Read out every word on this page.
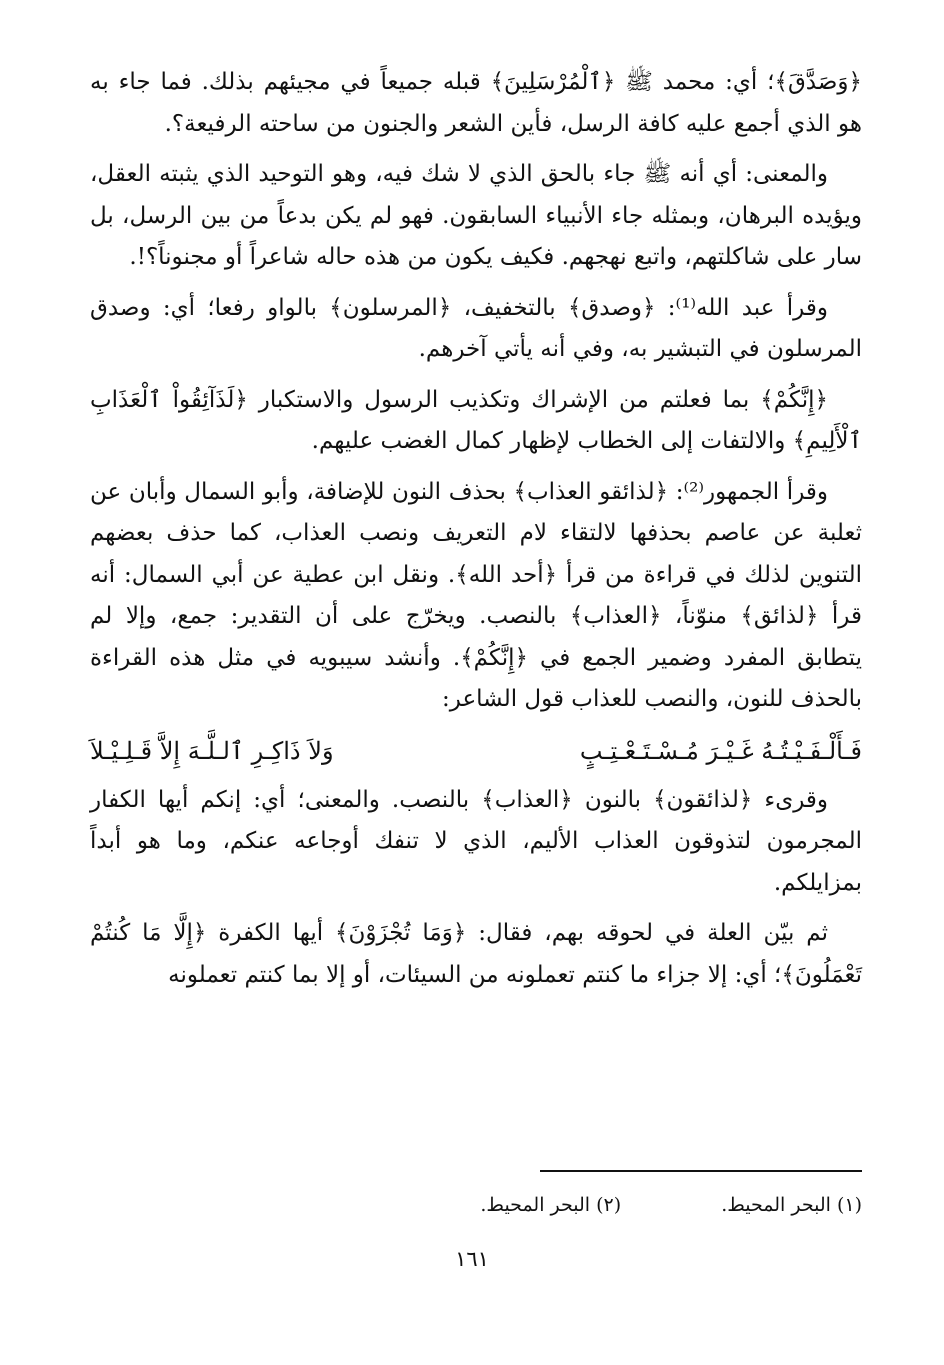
﴿وَصَدَّقَ﴾؛ أي: محمد ﷺ ﴿ٱلْمُرْسَلِينَ﴾ قبله جميعاً في مجيئهم بذلك. فما جاء به هو الذي أجمع عليه كافة الرسل، فأين الشعر والجنون من ساحته الرفيعة؟.

والمعنى: أي أنه ﷺ جاء بالحق الذي لا شك فيه، وهو التوحيد الذي يثبته العقل، ويؤيده البرهان، وبمثله جاء الأنبياء السابقون. فهو لم يكن بدعاً من بين الرسل، بل سار على شاكلتهم، واتبع نهجهم. فكيف يكون من هذه حاله شاعراً أو مجنوناً؟!.

وقرأ عبد الله⁽¹⁾: ﴿وصدق﴾ بالتخفيف، ﴿المرسلون﴾ بالواو رفعا؛ أي: وصدق المرسلون في التبشير به، وفي أنه يأتي آخرهم.

﴿إِنَّكُمْ﴾ بما فعلتم من الإشراك وتكذيب الرسول والاستكبار ﴿لَذَآئِقُواْ ٱلْعَذَابِ ٱلْأَلِيمِ﴾ والالتفات إلى الخطاب لإظهار كمال الغضب عليهم.

وقرأ الجمهور⁽²⁾: ﴿لذائقو العذاب﴾ بحذف النون للإضافة، وأبو السمال وأبان عن ثعلبة عن عاصم بحذفها لالتقاء لام التعريف ونصب العذاب، كما حذف بعضهم التنوين لذلك في قراءة من قرأ ﴿أحد الله﴾. ونقل ابن عطية عن أبي السمال: أنه قرأ ﴿لذائق﴾ منوّناً، ﴿العذاب﴾ بالنصب. ويخرّج على أن التقدير: جمع، وإلا لم يتطابق المفرد وضمير الجمع في ﴿إِنَّكُمْ﴾. وأنشد سيبويه في مثل هذه القراءة بالحذف للنون، والنصب للعذاب قول الشاعر:

فَـأَلْـفَـيْـتُـهُ غَـيْـرَ مُـسْـتَـعْـتِـبٍ
وَلاَ ذَاكِـرِ ٱلـلَّـهَ إِلاَّ قَـلِـيْـلاَ

وقرىء ﴿لذائقون﴾ بالنون ﴿العذاب﴾ بالنصب. والمعنى؛ أي: إنكم أيها الكفار المجرمون لتذوقون العذاب الأليم، الذي لا تنفك أوجاعه عنكم، وما هو أبداً بمزايلكم.

ثم بيّن العلة في لحوقه بهم، فقال: ﴿وَمَا تُجْزَوْنَ﴾ أيها الكفرة ﴿إِلَّا مَا كُنتُمْ تَعْمَلُونَ﴾؛ أي: إلا جزاء ما كنتم تعملونه من السيئات، أو إلا بما كنتم تعملونه

(١) البحر المحيط.
(٢) البحر المحيط.
١٦١
